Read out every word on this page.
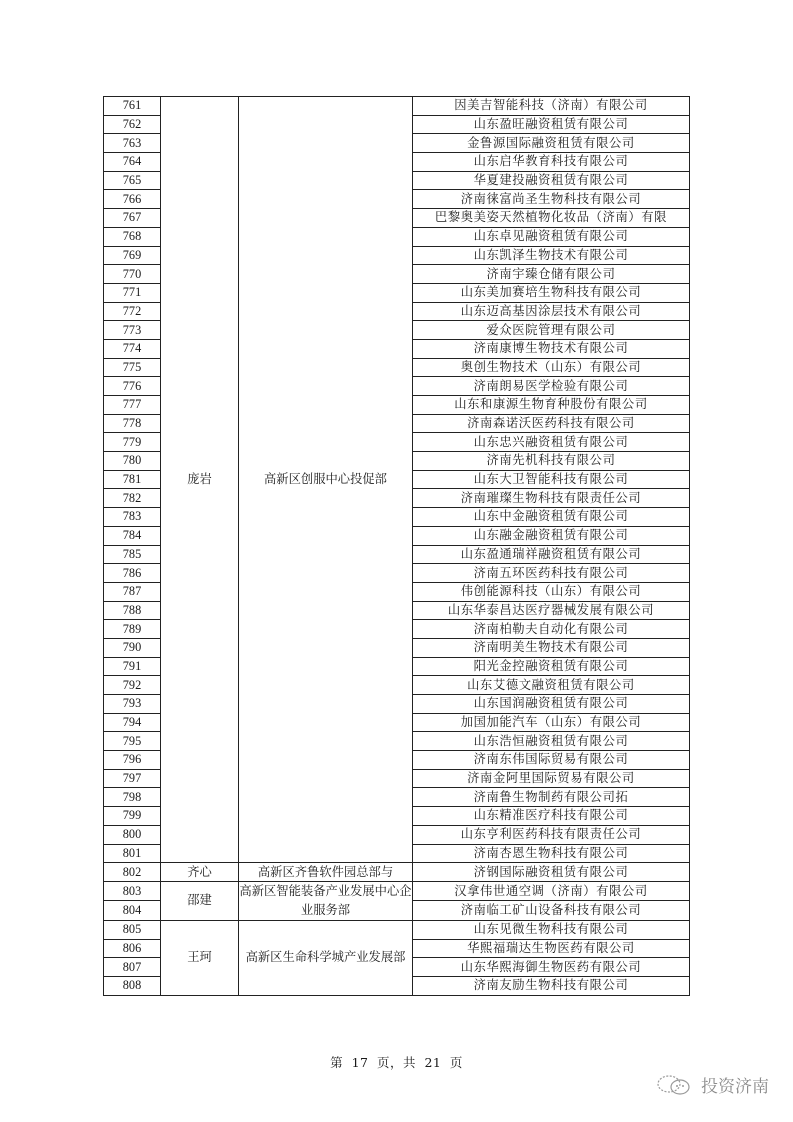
761	庞岩	高新区创服中心投促部	因美吉智能科技（济南）有限公司
762			山东盈旺融资租赁有限公司
763			金鲁源国际融资租赁有限公司
764			山东启华教育科技有限公司
765			华夏建投融资租赁有限公司
766			济南徕富尚圣生物科技有限公司
767			巴黎奥美姿天然植物化妆品（济南）有限
768			山东卓见融资租赁有限公司
769			山东凯泽生物技术有限公司
770			济南宇臻仓储有限公司
771			山东美加赛培生物科技有限公司
772			山东迈高基因涂层技术有限公司
773			爱众医院管理有限公司
774			济南康博生物技术有限公司
775			奥创生物技术（山东）有限公司
776			济南朗易医学检验有限公司
777			山东和康源生物育种股份有限公司
778			济南森诺沃医药科技有限公司
779			山东忠兴融资租赁有限公司
780			济南先机科技有限公司
781			山东大卫智能科技有限公司
782			济南璀璨生物科技有限责任公司
783			山东中金融资租赁有限公司
784			山东融金融资租赁有限公司
785			山东盈通瑞祥融资租赁有限公司
786			济南五环医药科技有限公司
787			伟创能源科技（山东）有限公司
788			山东华泰昌达医疗器械发展有限公司
789			济南柏勒夫自动化有限公司
790			济南明美生物技术有限公司
791			阳光金控融资租赁有限公司
792			山东艾德文融资租赁有限公司
793			山东国润融资租赁有限公司
794			加国加能汽车（山东）有限公司
795			山东浩恒融资租赁有限公司
796			济南东伟国际贸易有限公司
797			济南金阿里国际贸易有限公司
798			济南鲁生物制药有限公司拓
799			山东精准医疗科技有限公司
800			山东亨利医药科技有限责任公司
801			济南杏恩生物科技有限公司
802	齐心	高新区齐鲁软件园总部与	济钢国际融资租赁有限公司
803	邵建	高新区智能装备产业发展中心企业服务部	汉拿伟世通空调（济南）有限公司
804			济南临工矿山设备科技有限公司
805	王珂	高新区生命科学城产业发展部	山东见微生物科技有限公司
806			华熙福瑞达生物医药有限公司
807			山东华熙海御生物医药有限公司
808			济南友励生物科技有限公司
第 17 页，共 21 页
投资济南
